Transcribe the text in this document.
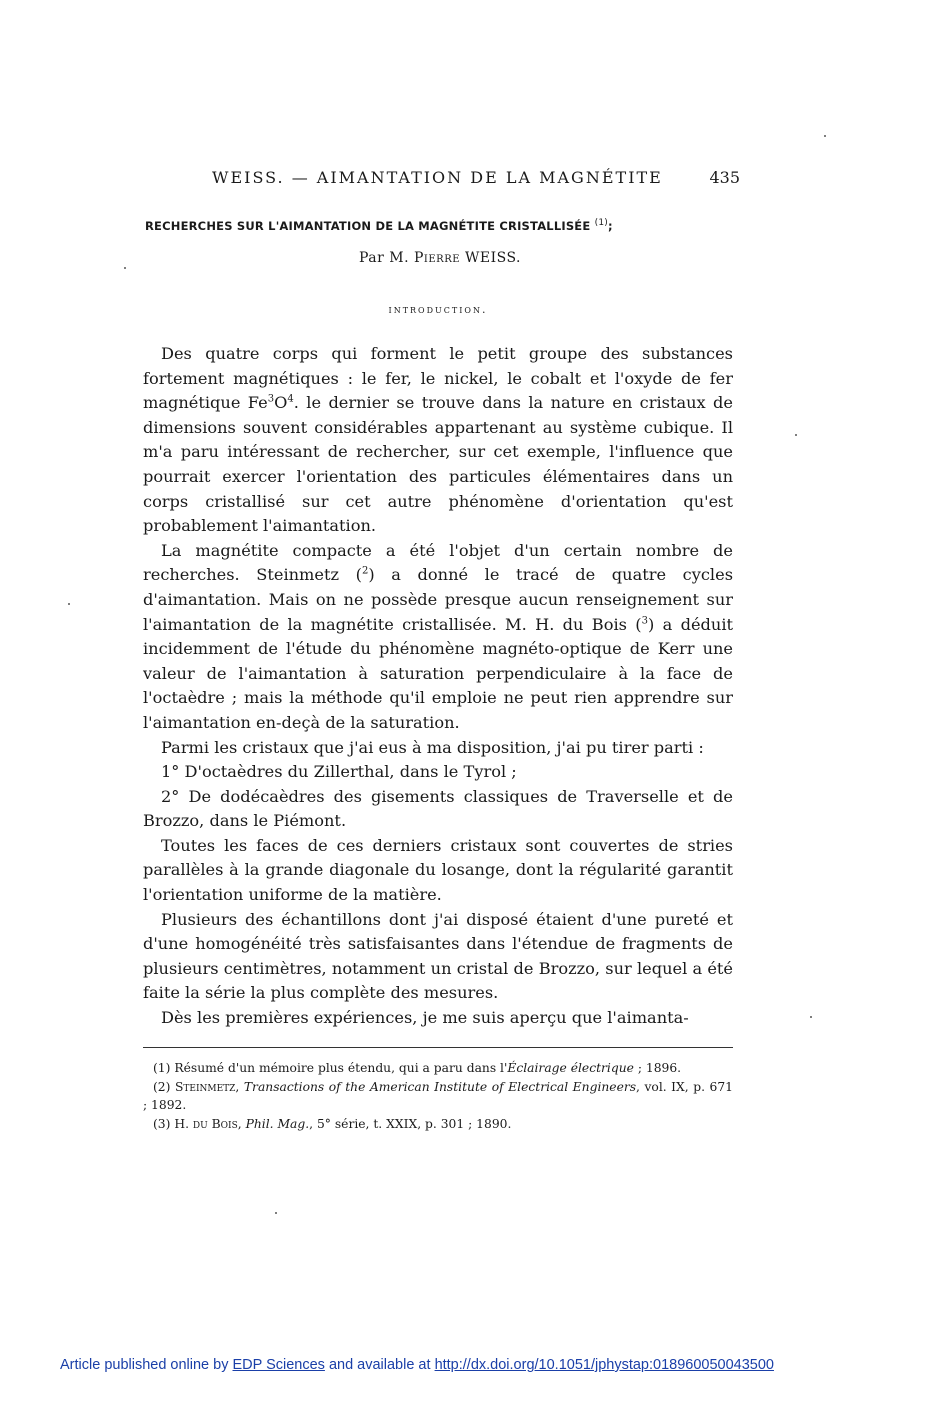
WEISS. — AIMANTATION DE LA MAGNÉTITE	435
RECHERCHES SUR L'AIMANTATION DE LA MAGNÉTITE CRISTALLISÉE $^{(1)}$;
Par M. Pierre WEISS.
introduction.

Des quatre corps qui forment le petit groupe des substances fortement magnétiques : le fer, le nickel, le cobalt et l'oxyde de fer magnétique $Fe^3O^4$. le dernier se trouve dans la nature en cristaux de dimensions souvent considérables appartenant au système cubique. Il m'a paru intéressant de rechercher, sur cet exemple, l'influence que pourrait exercer l'orientation des particules élémentaires dans un corps cristallisé sur cet autre phénomène d'orientation qu'est probablement l'aimantation.

La magnétite compacte a été l'objet d'un certain nombre de recherches. Steinmetz ($^2$) a donné le tracé de quatre cycles d'aimantation. Mais on ne possède presque aucun renseignement sur l'aimantation de la magnétite cristallisée. M. H. du Bois ($^3$) a déduit incidemment de l'étude du phénomène magnéto-optique de Kerr une valeur de l'aimantation à saturation perpendiculaire à la face de l'octaèdre ; mais la méthode qu'il emploie ne peut rien apprendre sur l'aimantation en-deçà de la saturation.

Parmi les cristaux que j'ai eus à ma disposition, j'ai pu tirer parti :

1° D'octaèdres du Zillerthal, dans le Tyrol ;

2° De dodécaèdres des gisements classiques de Traverselle et de Brozzo, dans le Piémont.

Toutes les faces de ces derniers cristaux sont couvertes de stries parallèles à la grande diagonale du losange, dont la régularité garantit l'orientation uniforme de la matière.

Plusieurs des échantillons dont j'ai disposé étaient d'une pureté et d'une homogénéité très satisfaisantes dans l'étendue de fragments de plusieurs centimètres, notamment un cristal de Brozzo, sur lequel a été faite la série la plus complète des mesures.

Dès les premières expériences, je me suis aperçu que l'aimanta-

(1) Résumé d'un mémoire plus étendu, qui a paru dans l'Éclairage électrique ; 1896.

(2) Steinmetz, Transactions of the American Institute of Electrical Engineers, vol. IX, p. 671 ; 1892.

(3) H. du Bois, Phil. Mag., 5° série, t. XXIX, p. 301 ; 1890.

Article published online by EDP Sciences and available at http://dx.doi.org/10.1051/jphystap:018960050043500
